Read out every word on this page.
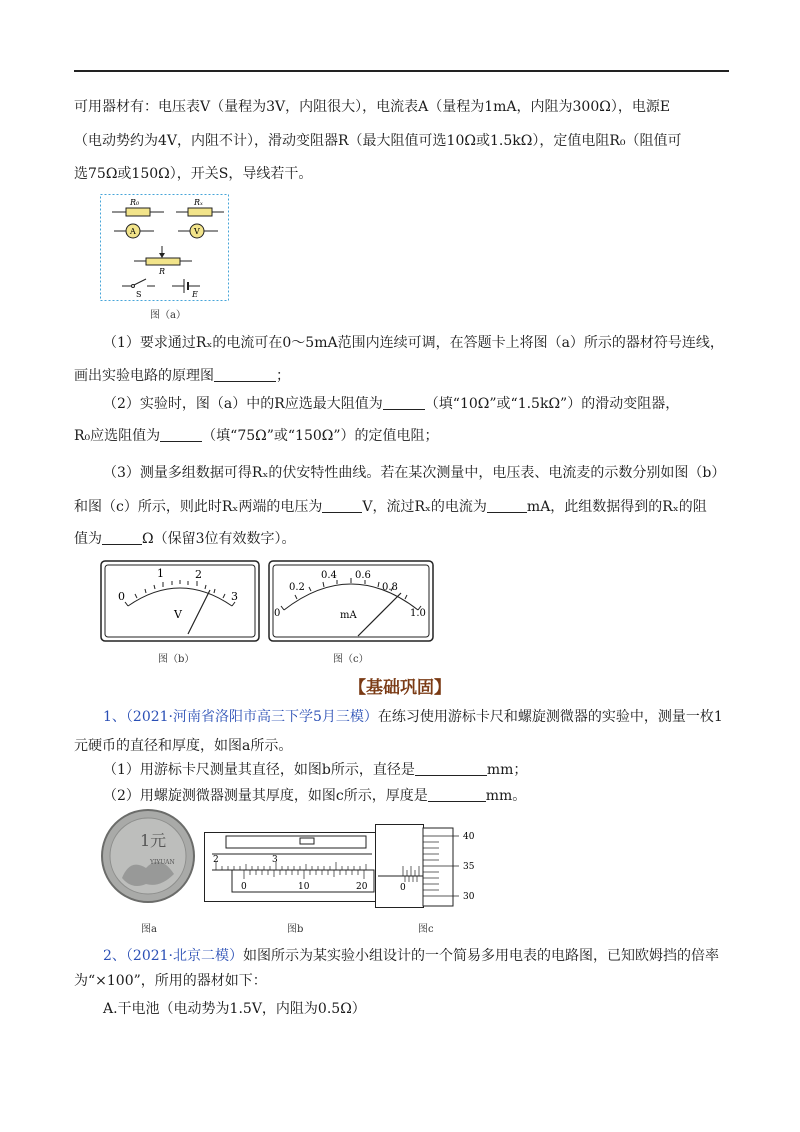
可用器材有：电压表V（量程为3V，内阻很大），电流表A（量程为1mA，内阻为300Ω），电源E
（电动势约为4V，内阻不计），滑动变阻器R（最大阻值可选10Ω或1.5kΩ），定值电阻R₀（阻值可
选75Ω或150Ω），开关S，导线若干。
R₀	Rₓ
A	V
R
S	E
图（a）
（1）要求通过Rₓ的电流可在0～5mA范围内连续可调，在答题卡上将图（a）所示的器材符号连线，
画出实验电路的原理图	；
（2）实验时，图（a）中的R应选最大阻值为	（填“10Ω”或“1.5kΩ”）的滑动变阻器，
R₀应选阻值为	（填“75Ω”或“150Ω”）的定值电阻；
（3）测量多组数据可得Rₓ的伏安特性曲线。若在某次测量中，电压表、电流麦的示数分别如图（b）
和图（c）所示，则此时Rₓ两端的电压为	V，流过Rₓ的电流为	mA，此组数据得到的Rₓ的阻
值为	Ω（保留3位有效数字）。
0
1	2
3
V
图（b）
0
0.2
0.4 0.6
0.8
1.0
mA
图（c）
【基础巩固】
1、（2021·河南省洛阳市高三下学5月三模）在练习使用游标卡尺和螺旋测微器的实验中，测量一枚1
元硬币的直径和厚度，如图a所示。
（1）用游标卡尺测量其直径，如图b所示，直径是	mm；
（2）用螺旋测微器测量其厚度，如图c所示，厚度是	mm。
1元
YIYUAN
图a
2	3
0	10	20
图b
0
40
35
30
图c
2、（2021·北京二模）如图所示为某实验小组设计的一个简易多用电表的电路图，已知欧姆挡的倍率
为“×100”，所用的器材如下：
A.干电池（电动势为1.5V，内阻为0.5Ω）
